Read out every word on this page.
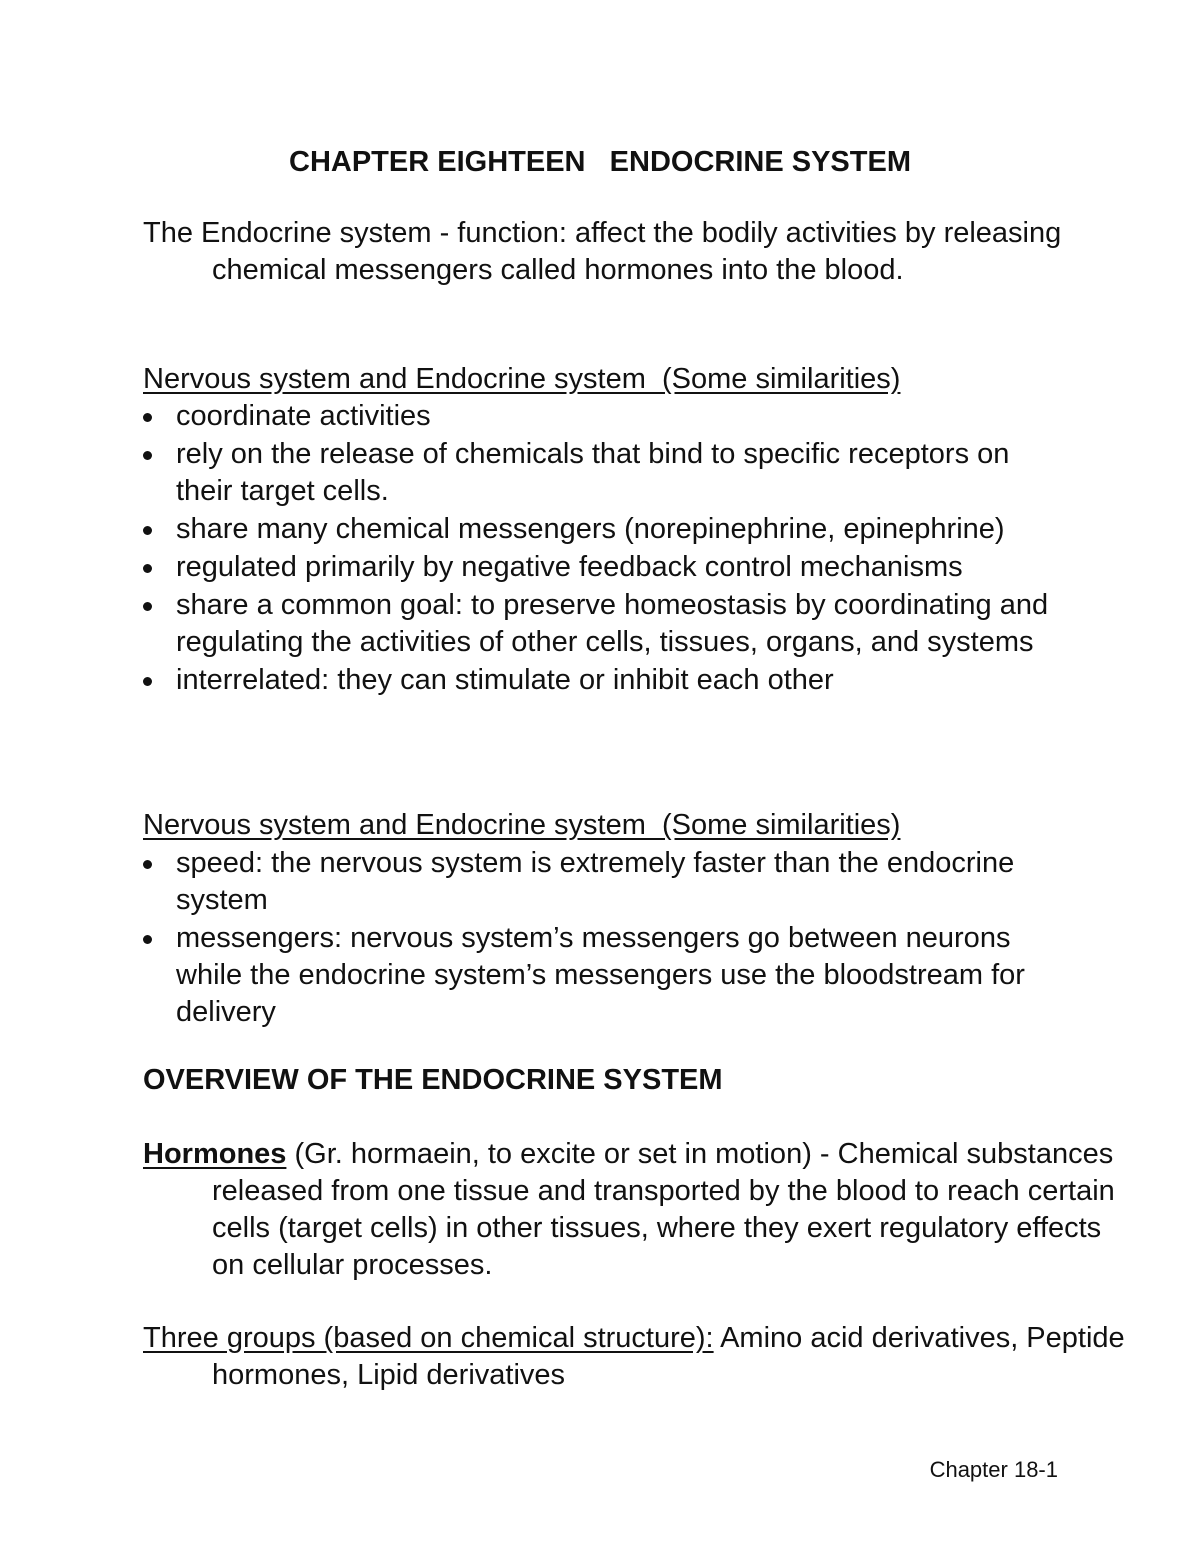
CHAPTER EIGHTEEN   ENDOCRINE SYSTEM
The Endocrine system - function: affect the bodily activities by releasing chemical messengers called hormones into the blood.
Nervous system and Endocrine system  (Some similarities)
coordinate activities
rely on the release of chemicals that bind to specific receptors on their target cells.
share many chemical messengers (norepinephrine, epinephrine)
regulated primarily by negative feedback control mechanisms
share a common goal: to preserve homeostasis by coordinating and regulating the activities of other cells, tissues, organs, and systems
interrelated: they can stimulate or inhibit each other
Nervous system and Endocrine system  (Some similarities)
speed: the nervous system is extremely faster than the endocrine system
messengers: nervous system’s messengers go between neurons while the endocrine system’s messengers use the bloodstream for delivery
OVERVIEW OF THE ENDOCRINE SYSTEM
Hormones (Gr. hormaein, to excite or set in motion) - Chemical substances released from one tissue and transported by the blood to reach certain cells (target cells) in other tissues, where they exert regulatory effects on cellular processes.
Three groups (based on chemical structure): Amino acid derivatives, Peptide hormones, Lipid derivatives
Chapter 18-1
